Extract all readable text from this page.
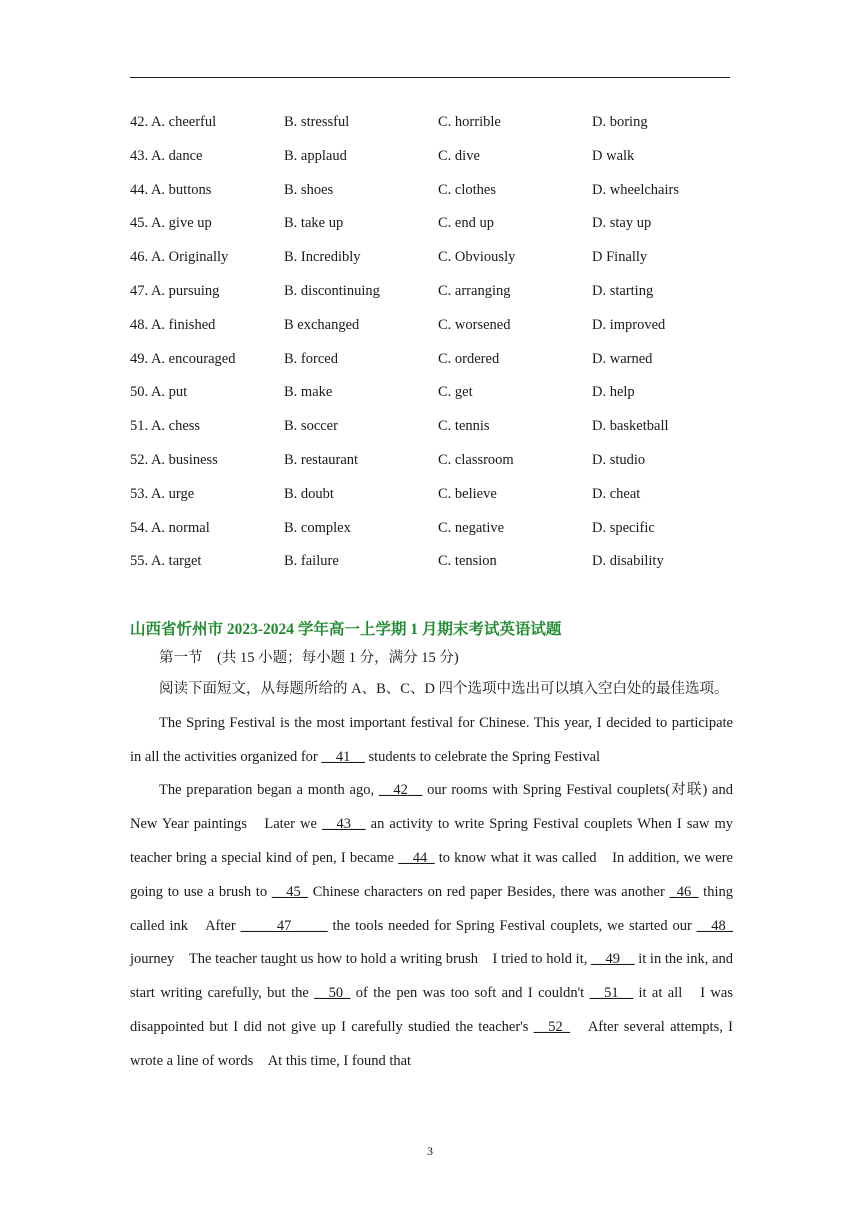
42. A. cheerful	B. stressful	C. horrible	D. boring
43. A. dance	B. applaud	C. dive	D walk
44. A. buttons	B. shoes	C. clothes	D. wheelchairs
45. A. give up	B. take up	C. end up	D. stay up
46. A. Originally	B. Incredibly	C. Obviously	D Finally
47. A. pursuing	B. discontinuing	C. arranging	D. starting
48. A. finished	B exchanged	C. worsened	D. improved
49. A. encouraged	B. forced	C. ordered	D. warned
50. A. put	B. make	C. get	D. help
51. A. chess	B. soccer	C. tennis	D. basketball
52. A. business	B. restaurant	C. classroom	D. studio
53. A. urge	B. doubt	C. believe	D. cheat
54. A. normal	B. complex	C. negative	D. specific
55. A. target	B. failure	C. tension	D. disability
山西省忻州市 2023-2024 学年高一上学期 1 月期末考试英语试题

第一节　(共 15 小题；每小题 1 分，满分 15 分)

阅读下面短文，从每题所给的 A、B、C、D 四个选项中选出可以填入空白处的最佳选项。

The Spring Festival is the most important festival for Chinese. This year, I decided to participate in all the activities organized for __41__ students to celebrate the Spring Festival

The preparation began a month ago, __42__ our rooms with Spring Festival couplets(对联) and New Year paintings　Later we __43__ an activity to write Spring Festival couplets When I saw my teacher bring a special kind of pen, I became __44_ to know what it was called　In addition, we were going to use a brush to __45_ Chinese characters on red paper Besides, there was another _46_ thing called ink　After _____47_____ the tools needed for Spring Festival couplets, we started our __48_ journey　The teacher taught us how to hold a writing brush　I tried to hold it, __49__ it in the ink, and start writing carefully, but the __50_ of the pen was too soft and I couldn't __51__ it at all　I was disappointed but I did not give up I carefully studied the teacher's __52_　After several attempts, I wrote a line of words　At this time, I found that

3
